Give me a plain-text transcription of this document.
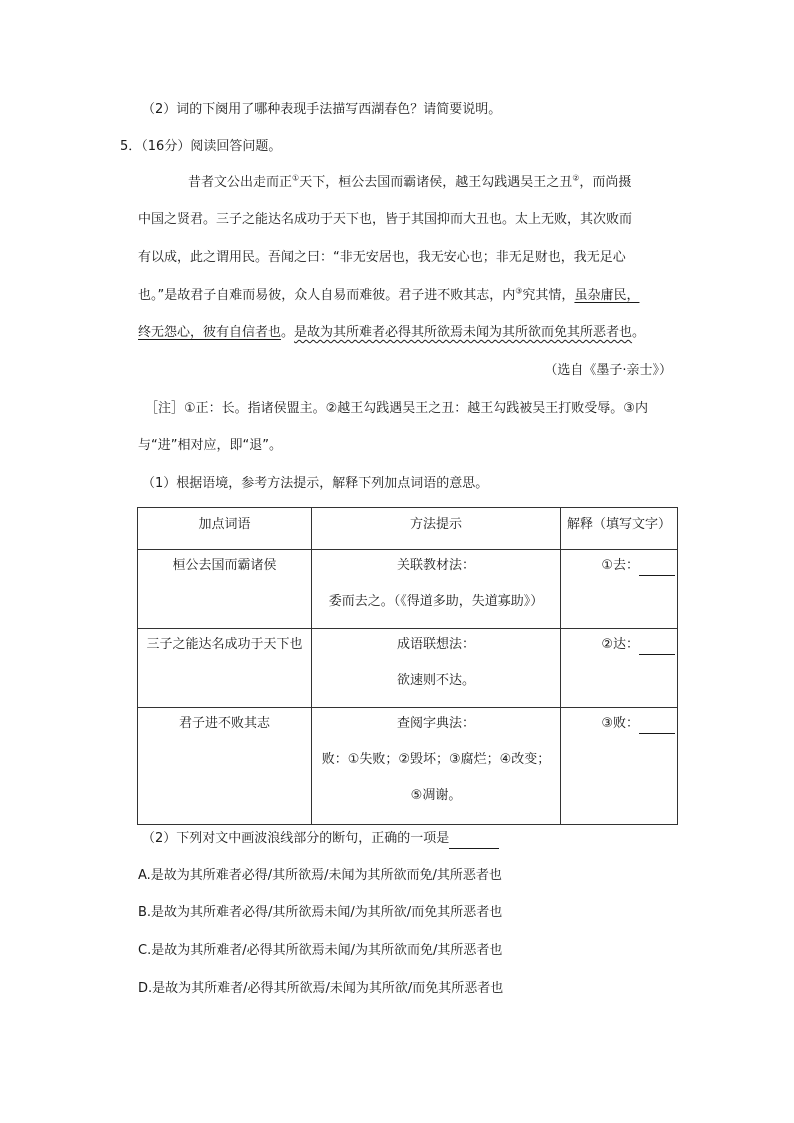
（2）词的下阕用了哪种表现手法描写西湖春色？请简要说明。
5．（16分）阅读回答问题。
昔者文公出走而正①天下，桓公去国而霸诸侯，越王勾践遇吴王之丑②，而尚摄
中国之贤君。三子之能达名成功于天下也，皆于其国抑而大丑也。太上无败，其次败而
有以成，此之谓用民。吾闻之曰：“非无安居也，我无安心也；非无足财也，我无足心
也。”是故君子自难而易彼，众人自易而难彼。君子进不败其志，内③究其情，虽杂庸民，
终无怨心，彼有自信者也。是故为其所难者必得其所欲焉未闻为其所欲而免其所恶者也。
（选自《墨子·亲士》）
［注］①正：长。指诸侯盟主。②越王勾践遇吴王之丑：越王勾践被吴王打败受辱。③内
与“进”相对应，即“退”。
（1）根据语境，参考方法提示，解释下列加点词语的意思。
加点词语	方法提示	解释（填写文字）

桓公去国而霸诸侯	关联教材法：
委而去之。（《得道多助，失道寡助》）	①去：

三子之能达名成功于天下也	成语联想法：
欲速则不达。	②达：

君子进不败其志	查阅字典法：
败：①失败；②毁坏；③腐烂；④改变；
⑤凋谢。	③败：
（2）下列对文中画波浪线部分的断句，正确的一项是
A.是故为其所难者必得/其所欲焉/未闻为其所欲而免/其所恶者也
B.是故为其所难者必得/其所欲焉未闻/为其所欲/而免其所恶者也
C.是故为其所难者/必得其所欲焉未闻/为其所欲而免/其所恶者也
D.是故为其所难者/必得其所欲焉/未闻为其所欲/而免其所恶者也
